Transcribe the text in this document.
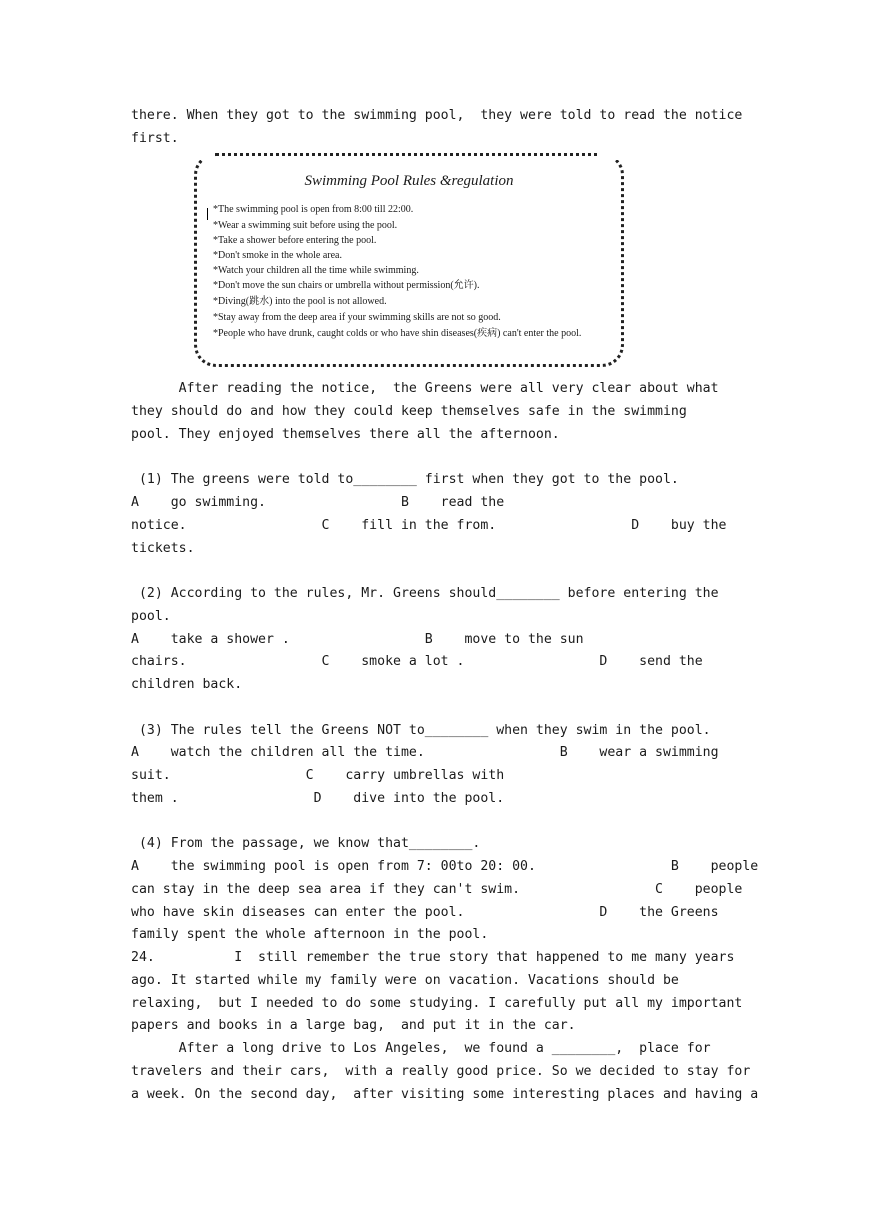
there. When they got to the swimming pool,  they were told to read the notice
first.
Swimming Pool Rules &regulation
*The swimming pool is open from 8:00 till 22:00.
*Wear a swimming suit before using the pool.
*Take a shower before entering the pool.
*Don't smoke in the whole area.
*Watch your children all the time while swimming.
*Don't move the sun chairs or umbrella without permission(允许).
*Diving(跳水) into the pool is not allowed.
*Stay away from the deep area if your swimming skills are not so good.
*People who have drunk, caught colds or who have shin diseases(疾病) can't enter the pool.
After reading the notice,  the Greens were all very clear about what
they should do and how they could keep themselves safe in the swimming
pool. They enjoyed themselves there all the afternoon.
(1) The greens were told to________ first when they got to the pool.
A    go swimming.                 B    read the
notice.                 C    fill in the from.                 D    buy the
tickets.
(2) According to the rules, Mr. Greens should________ before entering the
pool.
A    take a shower .                 B    move to the sun
chairs.                 C    smoke a lot .                 D    send the
children back.
(3) The rules tell the Greens NOT to________ when they swim in the pool.
A    watch the children all the time.                 B    wear a swimming
suit.                 C    carry umbrellas with
them .                 D    dive into the pool.
(4) From the passage, we know that________.
A    the swimming pool is open from 7: 00to 20: 00.                 B    people
can stay in the deep sea area if they can't swim.                 C    people
who have skin diseases can enter the pool.                 D    the Greens
family spent the whole afternoon in the pool.
24.          I  still remember the true story that happened to me many years
ago. It started while my family were on vacation. Vacations should be
relaxing,  but I needed to do some studying. I carefully put all my important
papers and books in a large bag,  and put it in the car.
After a long drive to Los Angeles,  we found a ________,  place for
travelers and their cars,  with a really good price. So we decided to stay for
a week. On the second day,  after visiting some interesting places and having a
